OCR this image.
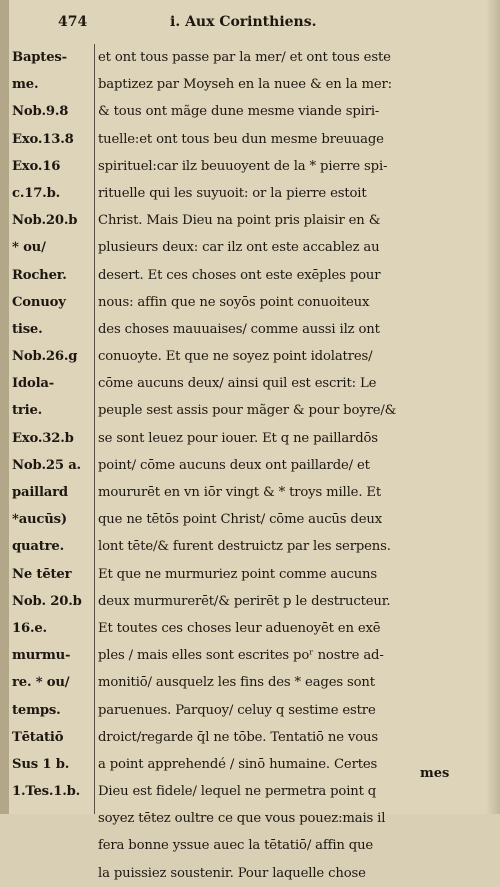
474	i. Aux Corinthiens.
Baptes-
me.
Nob.9.8
Exo.13.8
Exo.16
c.17.b.
Nob.20.b
* ou/
Rocher.
Conuoy
tise.
Nob.26.g
Idola-
trie.
Exo.32.b
Nob.25 a.
paillard
*aucūs)
quatre.
Ne tēter
Nob. 20.b
16.e.
murmu-
re. * ou/
temps.
Tētatiō
Sus 1 b.
1.Tes.1.b.
et ont tous passe par la mer/ et ont tous este
baptizez par Moyseh en la nuee & en la mer:
& tous ont mãge dune mesme viande spiri-
tuelle:et ont tous beu dun mesme breuuage
spirituel:car ilz beuuoyent de la * pierre spi-
rituelle qui les suyuoit: or la pierre estoit
Christ. Mais Dieu na point pris plaisir en &
plusieurs deux: car ilz ont este accablez au
desert. Et ces choses ont este exēples pour
nous: affin que ne soyōs point conuoiteux
des choses mauuaises/ comme aussi ilz ont
conuoyte. Et que ne soyez point idolatres/
cōme aucuns deux/ ainsi quil est escrit: Le
peuple sest assis pour mãger & pour boyre/&
se sont leuez pour iouer. Et q ne paillardōs
point/ cōme aucuns deux ont paillarde/ et
moururēt en vn iōr vingt & * troys mille. Et
que ne tētōs point Christ/ cōme aucūs deux
lont tēte/& furent destruictz par les serpens.
Et que ne murmuriez point comme aucuns
deux murmurerēt/& perirēt p le destructeur.
Et toutes ces choses leur aduenoyēt en exē
ples / mais elles sont escrites poʳ nostre ad-
monitiō/ ausquelz les fins des * eages sont
paruenues. Parquoy/ celuy q sestime estre
droict/regarde q̄l ne tōbe. Tentatiō ne vous
a point apprehendé / sinō humaine. Certes
Dieu est fidele/ lequel ne permetra point q
soyez tētez oultre ce que vous pouez:mais il
fera bonne yssue auec la tētatiō/ affin que
la puissiez soustenir. Pour laquelle chose
mes
